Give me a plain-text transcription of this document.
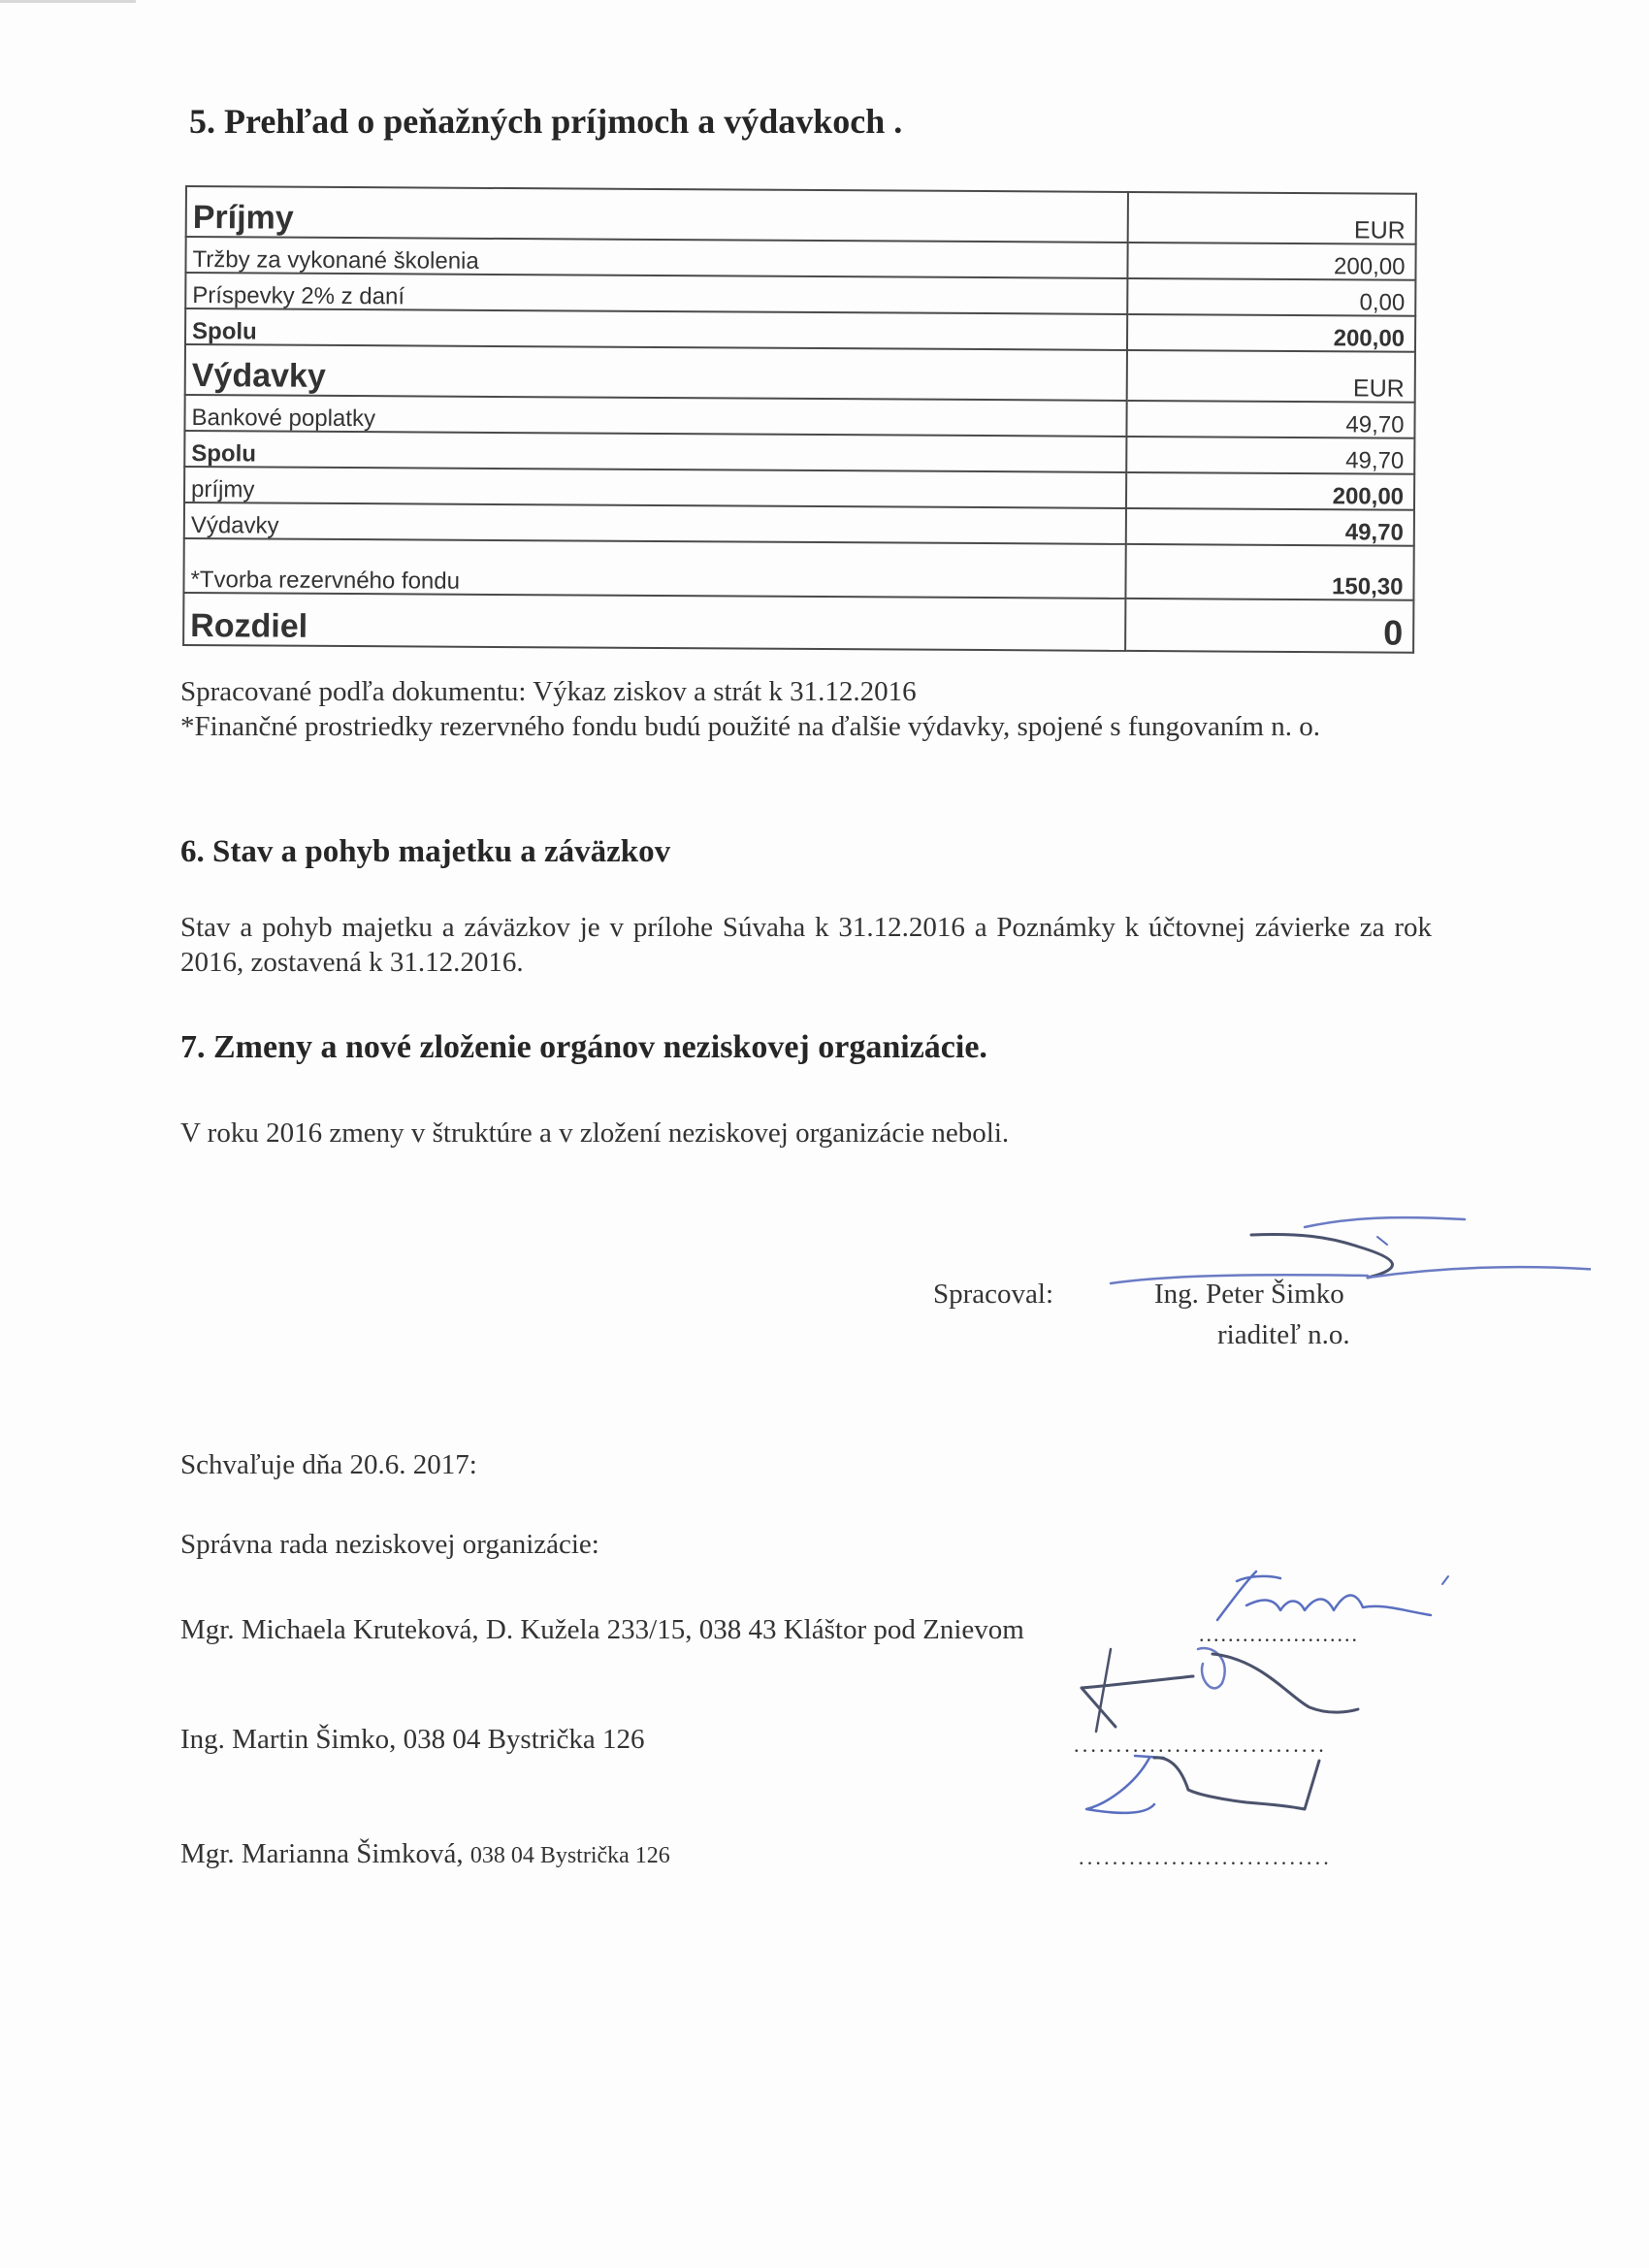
5. Prehľad o peňažných príjmoch a výdavkoch .
Príjmy	EUR
Tržby za vykonané školenia	200,00
Príspevky 2% z daní	0,00
Spolu	200,00
Výdavky	EUR
Bankové poplatky	49,70
Spolu	49,70
príjmy	200,00
Výdavky	49,70
*Tvorba rezervného fondu	150,30
Rozdiel	0

Spracované podľa dokumentu: Výkaz ziskov a strát k 31.12.2016

*Finančné prostriedky rezervného fondu budú použité na ďalšie výdavky, spojené s fungovaním n. o.

6. Stav a pohyb majetku a záväzkov

Stav a pohyb majetku a záväzkov je v prílohe Súvaha k 31.12.2016 a Poznámky k účtovnej závierke za rok 2016, zostavená k 31.12.2016.

7. Zmeny a nové zloženie orgánov neziskovej organizácie.

V roku 2016 zmeny v štruktúre a v zložení neziskovej organizácie neboli.

Spracoval:	Ing. Peter Šimko
riaditeľ n.o.
Schvaľuje dňa 20.6. 2017:
Správna rada neziskovej organizácie:
Mgr. Michaela Kruteková, D. Kužela 233/15, 038 43 Kláštor pod Znievom	......................
Ing. Martin Šimko, 038 04 Bystrička 126	..............................
Mgr. Marianna Šimková, 038 04 Bystrička 126	..............................
